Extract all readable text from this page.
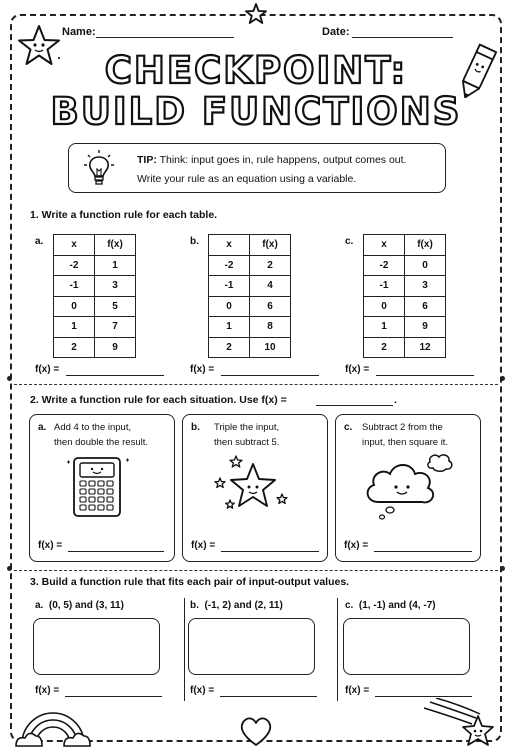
Name:	Date:
CHECKPOINT:
BUILD FUNCTIONS
TIP: Think: input goes in, rule happens, output comes out.
Write your rule as an equation using a variable.
1. Write a function rule for each table.
a.	x	f(x)
-2	1
-1	3
0	5
1	7
2	9
b.	x	f(x)
-2	2
-1	4
0	6
1	8
2	10
c.	x	f(x)
-2	0
-1	3
0	6
1	9
2	12
f(x) =	f(x) =	f(x) =
2. Write a function rule for each situation. Use f(x) =	.
a. Add 4 to the input,
then double the result.
f(x) =
b. Triple the input,
then subtract 5.
f(x) =
c. Subtract 2 from the
input, then square it.
f(x) =
3. Build a function rule that fits each pair of input-output values.
a. (0, 5) and (3, 11)
f(x) =
b. (-1, 2) and (2, 11)
f(x) =
c. (1, -1) and (4, -7)
f(x) =
